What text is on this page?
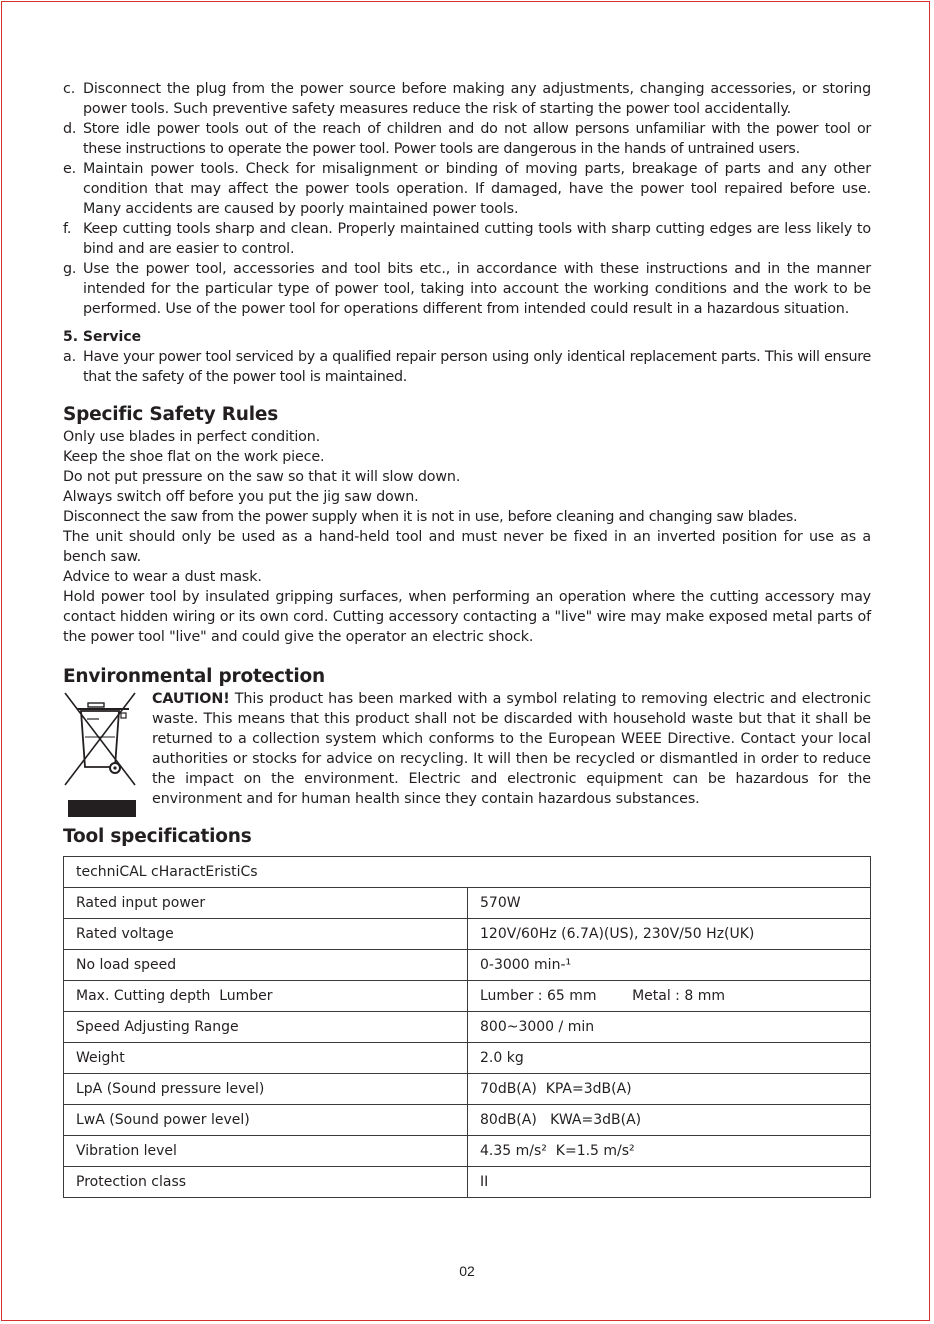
c. Disconnect the plug from the power source before making any adjustments, changing accessories, or storing power tools. Such preventive safety measures reduce the risk of starting the power tool accidentally.
d. Store idle power tools out of the reach of children and do not allow persons unfamiliar with the power tool or these instructions to operate the power tool. Power tools are dangerous in the hands of untrained users.
e. Maintain power tools. Check for misalignment or binding of moving parts, breakage of parts and any other condition that may affect the power tools operation. If damaged, have the power tool repaired before use. Many accidents are caused by poorly maintained power tools.
f. Keep cutting tools sharp and clean. Properly maintained cutting tools with sharp cutting edges are less likely to bind and are easier to control.
g. Use the power tool, accessories and tool bits etc., in accordance with these instructions and in the manner intended for the particular type of power tool, taking into account the working conditions and the work to be performed. Use of the power tool for operations different from intended could result in a hazardous situation.
5. Service
a. Have your power tool serviced by a qualified repair person using only identical replacement parts. This will ensure that the safety of the power tool is maintained.
Specific Safety Rules
Only use blades in perfect condition.
Keep the shoe flat on the work piece.
Do not put pressure on the saw so that it will slow down.
Always switch off before you put the jig saw down.
Disconnect the saw from the power supply when it is not in use, before cleaning and changing saw blades.
The unit should only be used as a hand-held tool and must never be fixed in an inverted position for use as a bench saw.
Advice to wear a dust mask.
Hold power tool by insulated gripping surfaces, when performing an operation where the cutting accessory may contact hidden wiring or its own cord. Cutting accessory contacting a "live" wire may make exposed metal parts of the power tool "live" and could give the operator an electric shock.
Environmental protection
CAUTION! This product has been marked with a symbol relating to removing electric and electronic waste. This means that this product shall not be discarded with household waste but that it shall be returned to a collection system which conforms to the European WEEE Directive. Contact your local authorities or stocks for advice on recycling. It will then be recycled or dismantled in order to reduce the impact on the environment. Electric and electronic equipment can be hazardous for the environment and for human health since they contain hazardous substances.
Tool specifications
techniCAL cHaractEristiCs	
Rated input power	570W
Rated voltage	120V/60Hz (6.7A)(US), 230V/50 Hz(UK)
No load speed	0-3000 min-¹
Max. Cutting depth  Lumber	Lumber : 65 mm        Metal : 8 mm
Speed Adjusting Range	800~3000 / min
Weight	2.0 kg
LpA (Sound pressure level)	70dB(A)  KPA=3dB(A)
LwA (Sound power level)	80dB(A)   KWA=3dB(A)
Vibration level	4.35 m/s²  K=1.5 m/s²
Protection class	II
02
